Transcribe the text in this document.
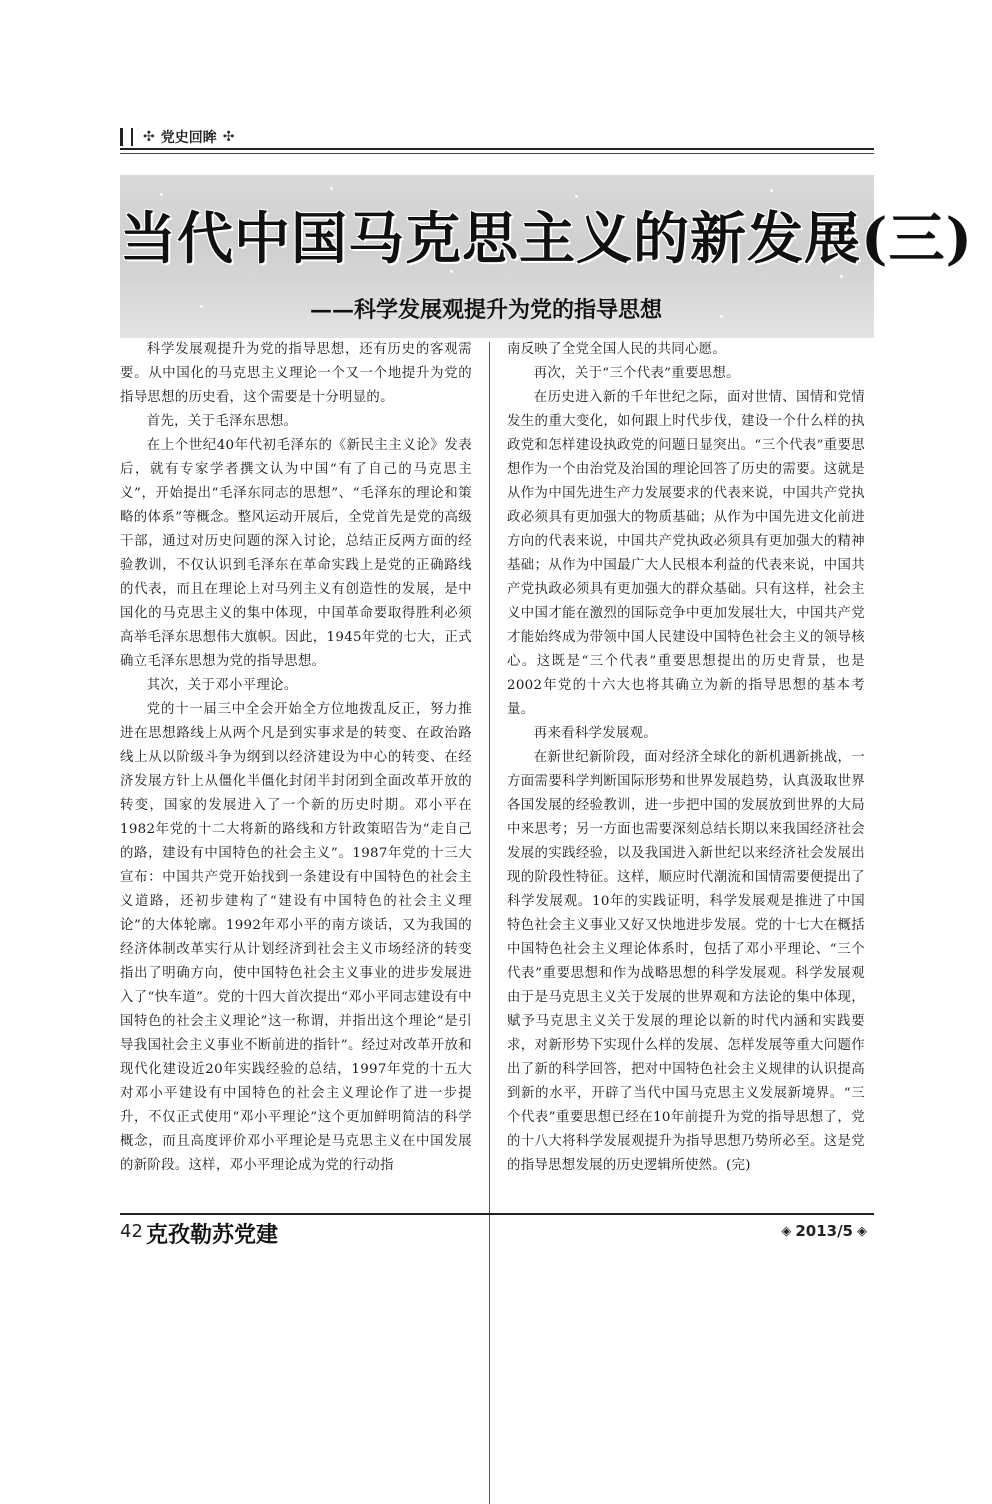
✣ 党史回眸 ✣
当代中国马克思主义的新发展(三)
——科学发展观提升为党的指导思想

科学发展观提升为党的指导思想，还有历史的客观需要。从中国化的马克思主义理论一个又一个地提升为党的指导思想的历史看，这个需要是十分明显的。

首先，关于毛泽东思想。

在上个世纪40年代初毛泽东的《新民主主义论》发表后，就有专家学者撰文认为中国“有了自己的马克思主义”，开始提出“毛泽东同志的思想”、“毛泽东的理论和策略的体系”等概念。整风运动开展后，全党首先是党的高级干部，通过对历史问题的深入讨论，总结正反两方面的经验教训，不仅认识到毛泽东在革命实践上是党的正确路线的代表，而且在理论上对马列主义有创造性的发展，是中国化的马克思主义的集中体现，中国革命要取得胜利必须高举毛泽东思想伟大旗帜。因此，1945年党的七大，正式确立毛泽东思想为党的指导思想。

其次，关于邓小平理论。

党的十一届三中全会开始全方位地拨乱反正，努力推进在思想路线上从两个凡是到实事求是的转变、在政治路线上从以阶级斗争为纲到以经济建设为中心的转变、在经济发展方针上从僵化半僵化封闭半封闭到全面改革开放的转变，国家的发展进入了一个新的历史时期。邓小平在1982年党的十二大将新的路线和方针政策昭告为“走自己的路，建设有中国特色的社会主义”。1987年党的十三大宣布：中国共产党开始找到一条建设有中国特色的社会主义道路，还初步建构了“建设有中国特色的社会主义理论”的大体轮廓。1992年邓小平的南方谈话，又为我国的经济体制改革实行从计划经济到社会主义市场经济的转变指出了明确方向，使中国特色社会主义事业的进步发展进入了“快车道”。党的十四大首次提出“邓小平同志建设有中国特色的社会主义理论”这一称谓，并指出这个理论“是引导我国社会主义事业不断前进的指针”。经过对改革开放和现代化建设近20年实践经验的总结，1997年党的十五大对邓小平建设有中国特色的社会主义理论作了进一步提升，不仅正式使用“邓小平理论”这个更加鲜明简洁的科学概念，而且高度评价邓小平理论是马克思主义在中国发展的新阶段。这样，邓小平理论成为党的行动指

南反映了全党全国人民的共同心愿。

再次，关于“三个代表”重要思想。

在历史进入新的千年世纪之际，面对世情、国情和党情发生的重大变化，如何跟上时代步伐，建设一个什么样的执政党和怎样建设执政党的问题日显突出。“三个代表”重要思想作为一个由治党及治国的理论回答了历史的需要。这就是从作为中国先进生产力发展要求的代表来说，中国共产党执政必须具有更加强大的物质基础；从作为中国先进文化前进方向的代表来说，中国共产党执政必须具有更加强大的精神基础；从作为中国最广大人民根本利益的代表来说，中国共产党执政必须具有更加强大的群众基础。只有这样，社会主义中国才能在激烈的国际竞争中更加发展壮大，中国共产党才能始终成为带领中国人民建设中国特色社会主义的领导核心。这既是“三个代表”重要思想提出的历史背景，也是2002年党的十六大也将其确立为新的指导思想的基本考量。

再来看科学发展观。

在新世纪新阶段，面对经济全球化的新机遇新挑战，一方面需要科学判断国际形势和世界发展趋势，认真汲取世界各国发展的经验教训，进一步把中国的发展放到世界的大局中来思考；另一方面也需要深刻总结长期以来我国经济社会发展的实践经验，以及我国进入新世纪以来经济社会发展出现的阶段性特征。这样，顺应时代潮流和国情需要便提出了科学发展观。10年的实践证明，科学发展观是推进了中国特色社会主义事业又好又快地进步发展。党的十七大在概括中国特色社会主义理论体系时，包括了邓小平理论、“三个代表”重要思想和作为战略思想的科学发展观。科学发展观由于是马克思主义关于发展的世界观和方法论的集中体现，赋予马克思主义关于发展的理论以新的时代内涵和实践要求，对新形势下实现什么样的发展、怎样发展等重大问题作出了新的科学回答，把对中国特色社会主义规律的认识提高到新的水平，开辟了当代中国马克思主义发展新境界。“三个代表”重要思想已经在10年前提升为党的指导思想了，党的十八大将科学发展观提升为指导思想乃势所必至。这是党的指导思想发展的历史逻辑所使然。(完)

42 克孜勒苏党建	◈ 2013/5 ◈
